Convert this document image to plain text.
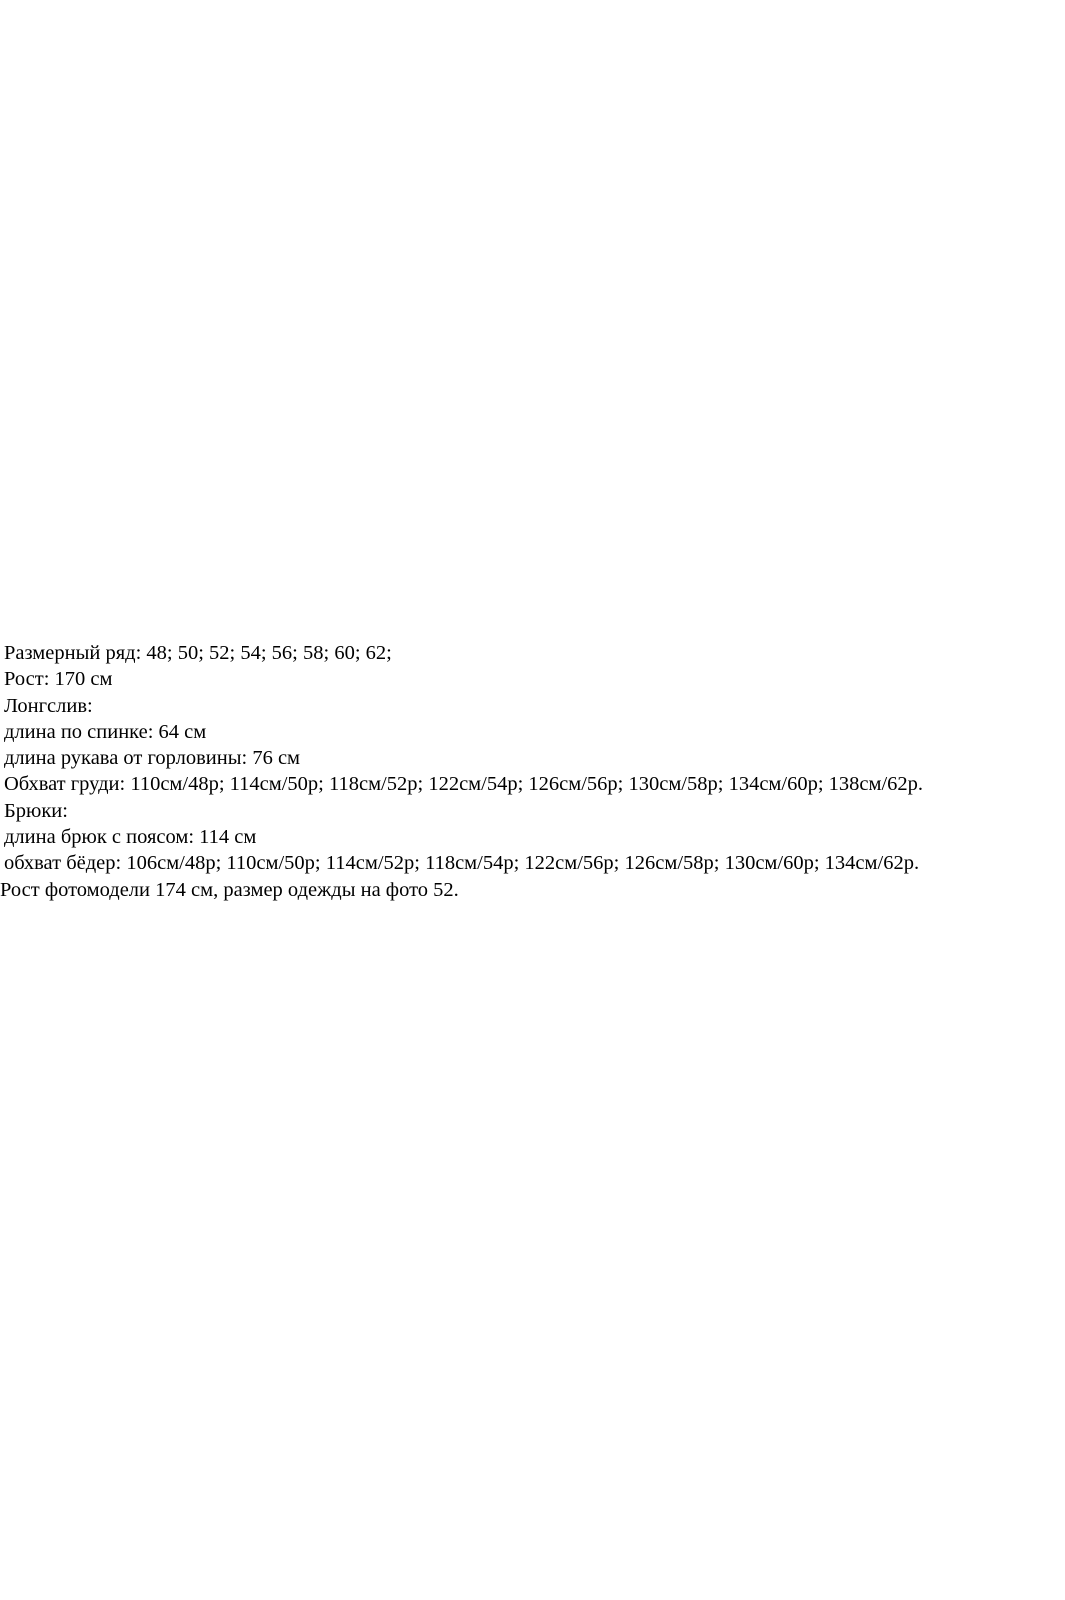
Размерный ряд: 48; 50; 52; 54; 56; 58; 60; 62;
Рост: 170 см
Лонгслив:
длина по спинке: 64 см
длина рукава от горловины: 76 см
Обхват груди: 110см/48р; 114см/50р; 118см/52р; 122см/54р; 126см/56р; 130см/58р; 134см/60р; 138см/62р.
Брюки:
длина брюк с поясом: 114 см
обхват бёдер: 106см/48р; 110см/50р; 114см/52р; 118см/54р; 122см/56р; 126см/58р; 130см/60р; 134см/62р.
Рост фотомодели 174 см, размер одежды на фото 52.
